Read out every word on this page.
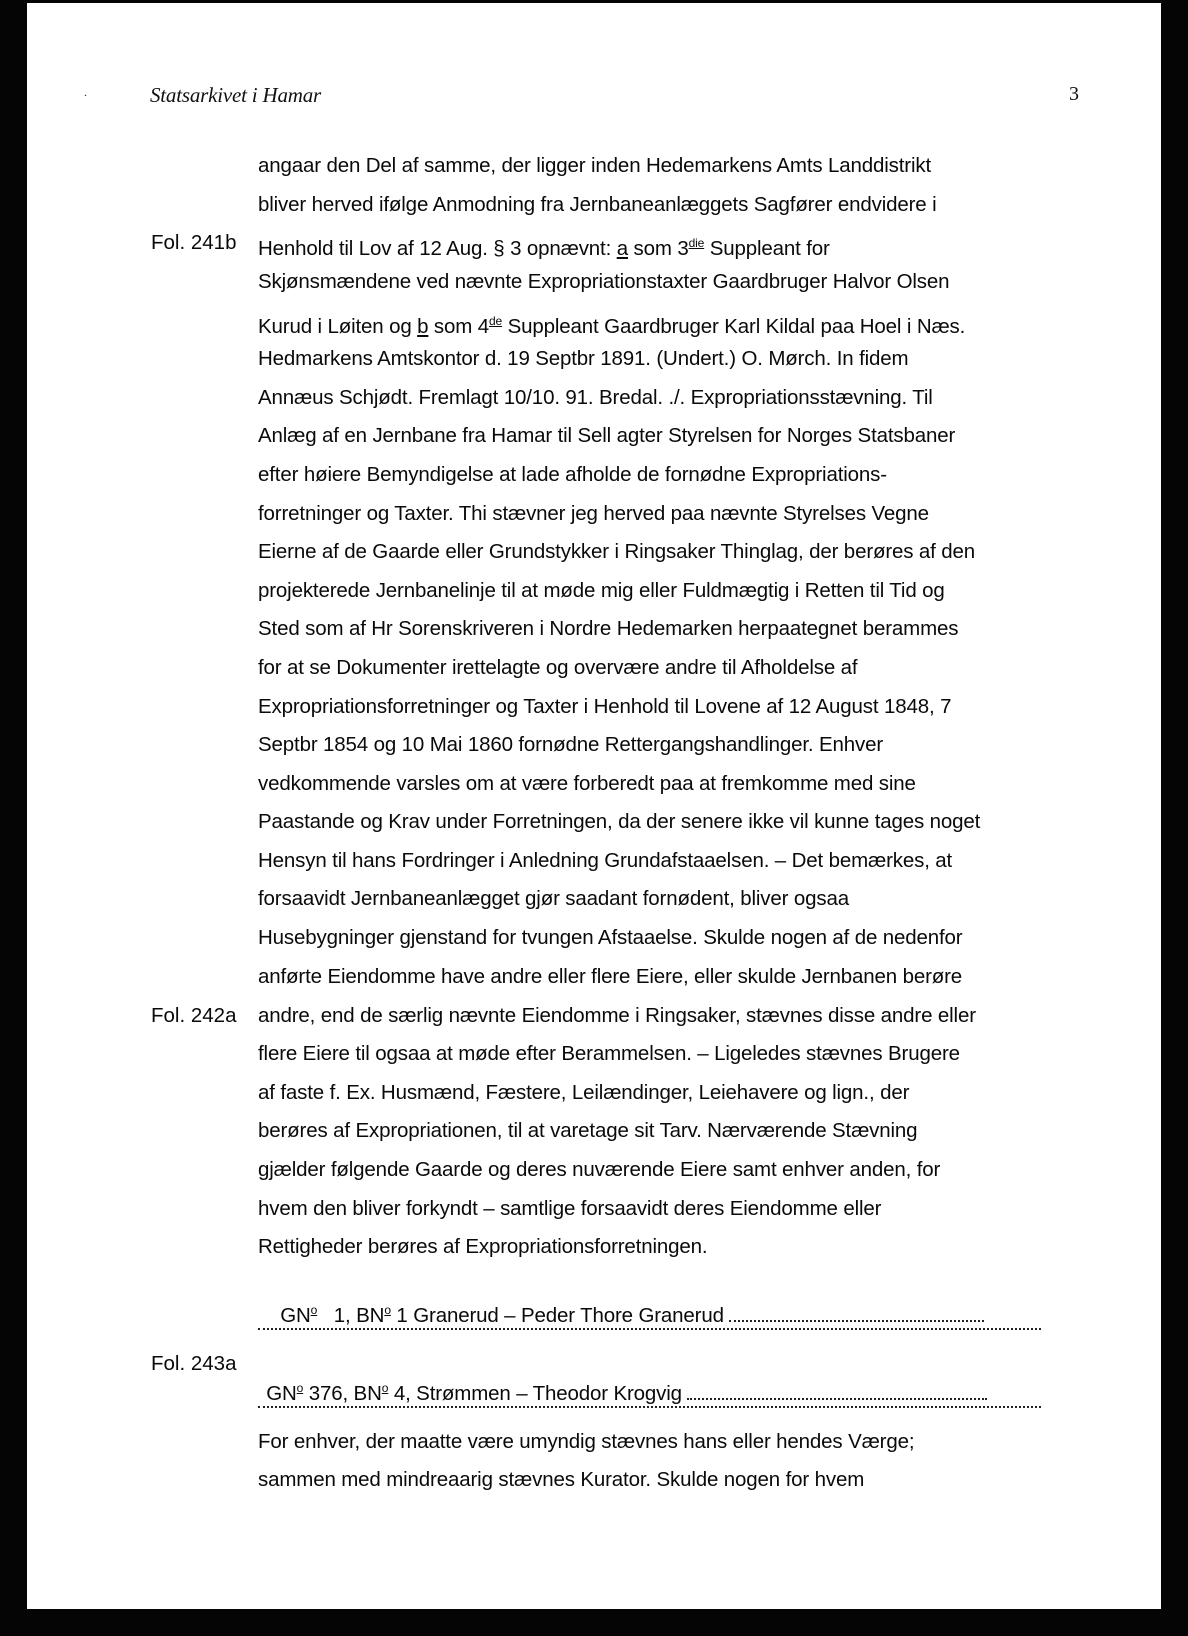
.	Statsarkivet i Hamar	3
Fol. 241b
Fol. 242a
Fol. 243a
angaar den Del af samme, der ligger inden Hedemarkens Amts Landdistrikt
bliver herved ifølge Anmodning fra Jernbaneanlæggets Sagfører endvidere i
Henhold til Lov af 12 Aug. § 3 opnævnt: a som $3^{die}$ Suppleant for
Skjønsmændene ved nævnte Expropriationstaxter Gaardbruger Halvor Olsen
Kurud i Løiten og b som 4de Suppleant Gaardbruger Karl Kildal paa Hoel i Næs.
Hedmarkens Amtskontor d. 19 Septbr 1891. (Undert.) O. Mørch. In fidem
Annæus Schjødt. Fremlagt 10/10. 91. Bredal. ./. Expropriationsstævning. Til
Anlæg af en Jernbane fra Hamar til Sell agter Styrelsen for Norges Statsbaner
efter høiere Bemyndigelse at lade afholde de fornødne Expropriations-
forretninger og Taxter. Thi stævner jeg herved paa nævnte Styrelses Vegne
Eierne af de Gaarde eller Grundstykker i Ringsaker Thinglag, der berøres af den
projekterede Jernbanelinje til at møde mig eller Fuldmægtig i Retten til Tid og
Sted som af Hr Sorenskriveren i Nordre Hedemarken herpaategnet berammes
for at se Dokumenter irettelagte og overvære andre til Afholdelse af
Expropriationsforretninger og Taxter i Henhold til Lovene af 12 August 1848, 7
Septbr 1854 og 10 Mai 1860 fornødne Rettergangshandlinger. Enhver
vedkommende varsles om at være forberedt paa at fremkomme med sine
Paastande og Krav under Forretningen, da der senere ikke vil kunne tages noget
Hensyn til hans Fordringer i Anledning Grundafstaaelsen. – Det bemærkes, at
forsaavidt Jernbaneanlægget gjør saadant fornødent, bliver ogsaa
Husebygninger gjenstand for tvungen Afstaaelse. Skulde nogen af de nedenfor
anførte Eiendomme have andre eller flere Eiere, eller skulde Jernbanen berøre
andre, end de særlig nævnte Eiendomme i Ringsaker, stævnes disse andre eller
flere Eiere til ogsaa at møde efter Berammelsen. – Ligeledes stævnes Brugere
af faste f. Ex. Husmænd, Fæstere, Leilændinger, Leiehavere og lign., der
berøres af Expropriationen, til at varetage sit Tarv. Nærværende Stævning
gjælder følgende Gaarde og deres nuværende Eiere samt enhver anden, for
hvem den bliver forkyndt – samtlige forsaavidt deres Eiendomme eller
Rettigheder berøres af Expropriationsforretningen.

$GN^o$   1, $BN^o$ 1 Granerud – Peder Thore Granerud

$GN^o$ 376, $BN^o$ 4, Strømmen – Theodor Krogvig

For enhver, der maatte være umyndig stævnes hans eller hendes Værge;
sammen med mindreaarig stævnes Kurator. Skulde nogen for hvem
